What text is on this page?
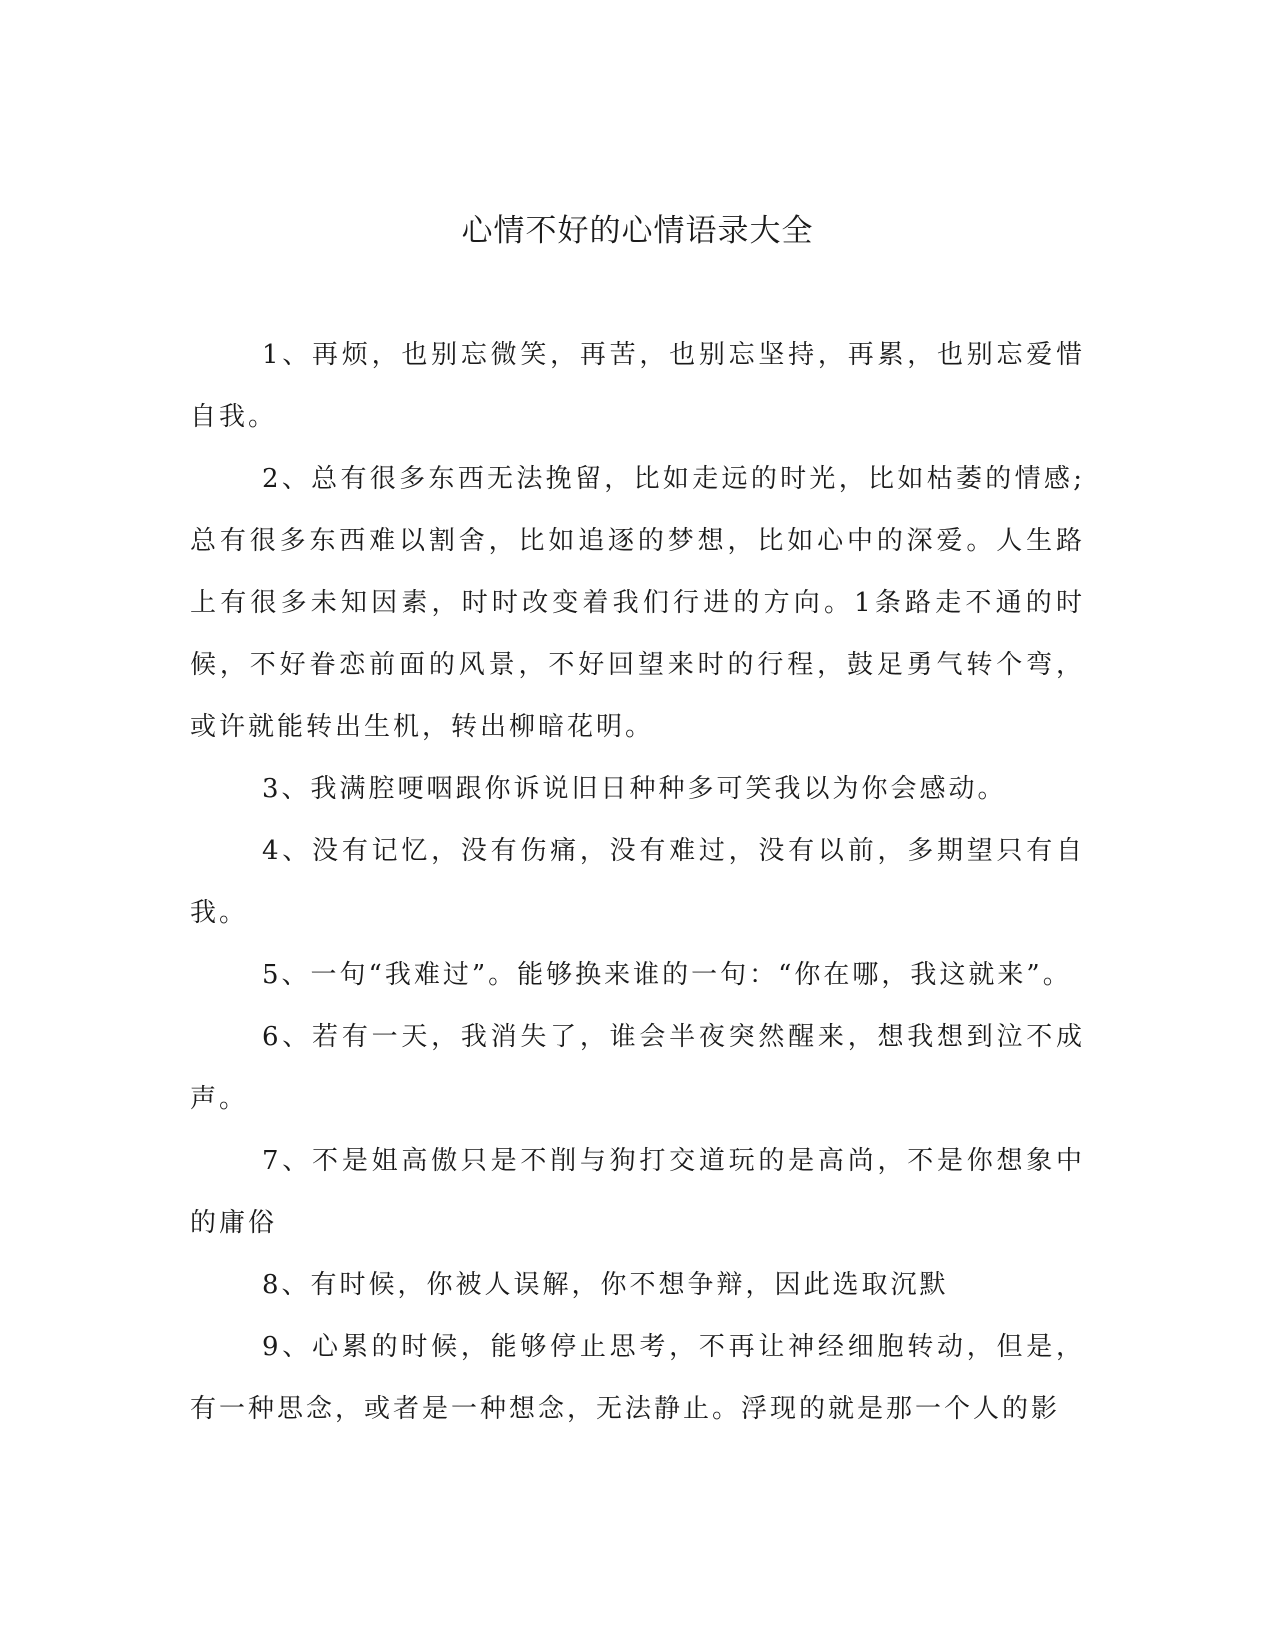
心情不好的心情语录大全

1、再烦，也别忘微笑，再苦，也别忘坚持，再累，也别忘爱惜自我。

2、总有很多东西无法挽留，比如走远的时光，比如枯萎的情感;总有很多东西难以割舍，比如追逐的梦想，比如心中的深爱。人生路上有很多未知因素，时时改变着我们行进的方向。1条路走不通的时候，不好眷恋前面的风景，不好回望来时的行程，鼓足勇气转个弯，或许就能转出生机，转出柳暗花明。

3、我满腔哽咽跟你诉说旧日种种多可笑我以为你会感动。

4、没有记忆，没有伤痛，没有难过，没有以前，多期望只有自我。

5、一句“我难过”。能够换来谁的一句：“你在哪，我这就来”。

6、若有一天，我消失了，谁会半夜突然醒来，想我想到泣不成声。

7、不是姐高傲只是不削与狗打交道玩的是高尚，不是你想象中的庸俗

8、有时候，你被人误解，你不想争辩，因此选取沉默

9、心累的时候，能够停止思考，不再让神经细胞转动，但是，有一种思念，或者是一种想念，无法静止。浮现的就是那一个人的影
